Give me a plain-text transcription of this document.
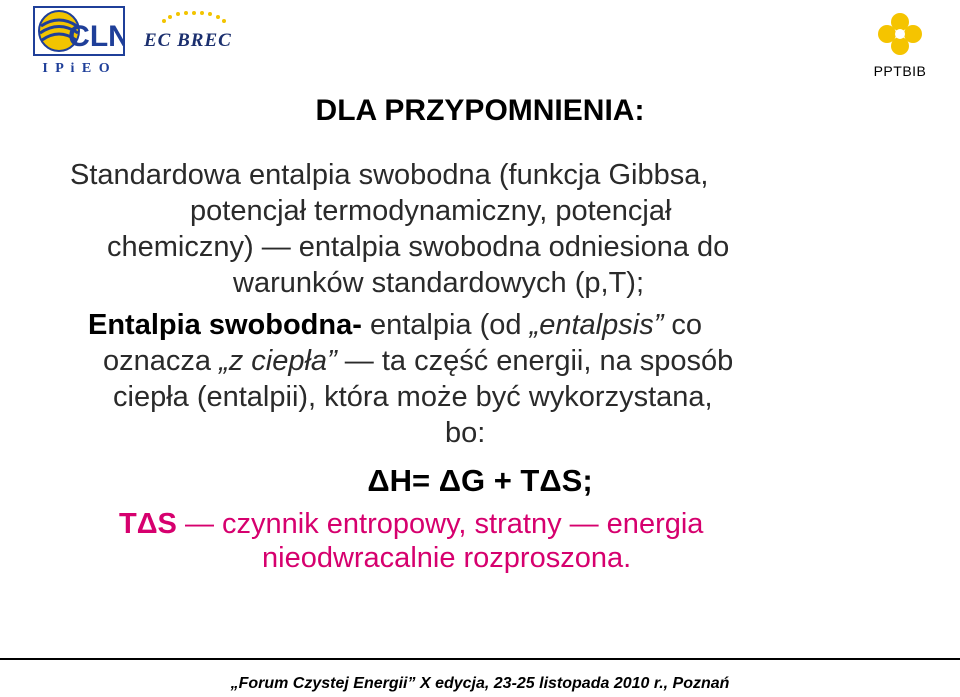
CLN
I P i E O
EC BREC
PPTBIB
DLA PRZYPOMNIENIA:
Standardowa entalpia swobodna (funkcja Gibbsa,
potencjał termodynamiczny, potencjał
chemiczny) — entalpia swobodna odniesiona do
warunków standardowych (p,T);
Entalpia swobodna- entalpia (od „entalpsis” co
oznacza „z ciepła” — ta część energii, na sposób
ciepła (entalpii), która może być wykorzystana,
bo:
ΔH= ΔG + TΔS;
TΔS — czynnik entropowy, stratny — energia
nieodwracalnie rozproszona.
„Forum Czystej Energii” X edycja, 23-25 listopada 2010 r., Poznań
